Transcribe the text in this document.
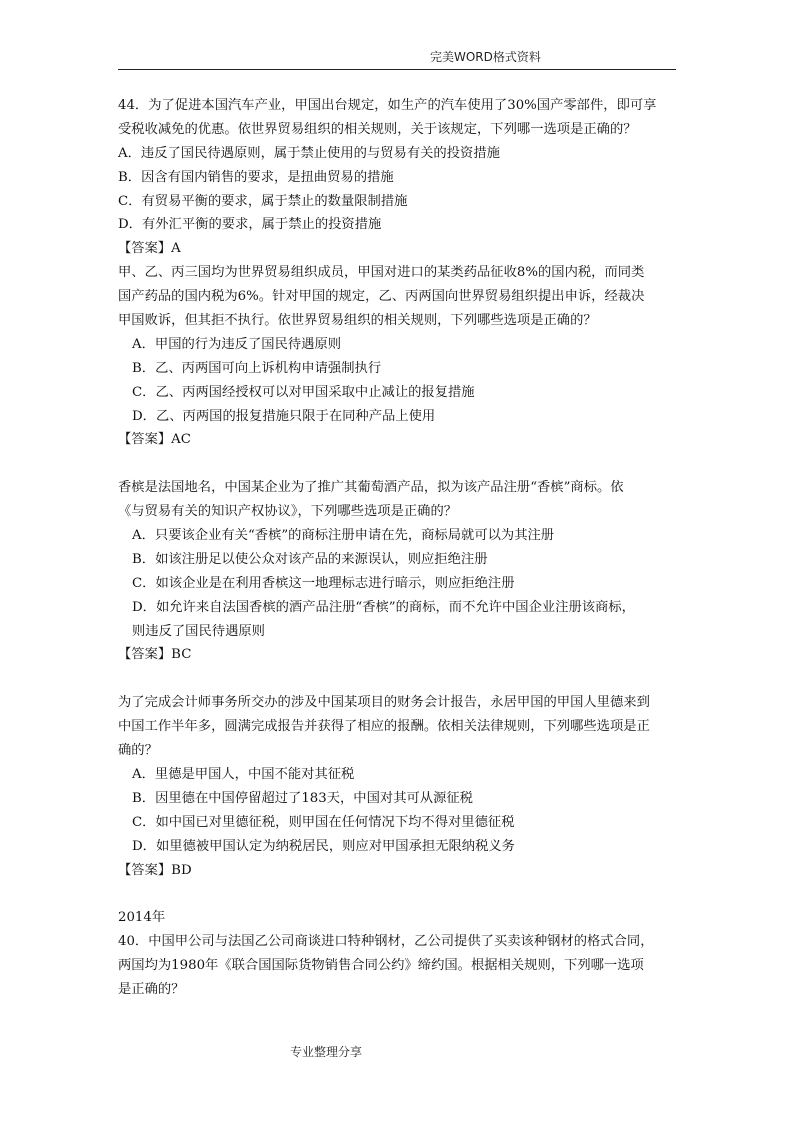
完美WORD格式资料
44．为了促进本国汽车产业，甲国出台规定，如生产的汽车使用了30%国产零部件，即可享
受税收减免的优惠。依世界贸易组织的相关规则，关于该规定，下列哪一选项是正确的？
A．违反了国民待遇原则，属于禁止使用的与贸易有关的投资措施
B．因含有国内销售的要求，是扭曲贸易的措施
C．有贸易平衡的要求，属于禁止的数量限制措施
D．有外汇平衡的要求，属于禁止的投资措施
【答案】A
甲、乙、丙三国均为世界贸易组织成员，甲国对进口的某类药品征收8%的国内税，而同类
国产药品的国内税为6%。针对甲国的规定，乙、丙两国向世界贸易组织提出申诉，经裁决
甲国败诉，但其拒不执行。依世界贸易组织的相关规则，下列哪些选项是正确的？
A．甲国的行为违反了国民待遇原则
B．乙、丙两国可向上诉机构申请强制执行
C．乙、丙两国经授权可以对甲国采取中止减让的报复措施
D．乙、丙两国的报复措施只限于在同种产品上使用
【答案】AC
香槟是法国地名，中国某企业为了推广其葡萄酒产品，拟为该产品注册“香槟”商标。依
《与贸易有关的知识产权协议》，下列哪些选项是正确的？
A．只要该企业有关“香槟”的商标注册申请在先，商标局就可以为其注册
B．如该注册足以使公众对该产品的来源误认，则应拒绝注册
C．如该企业是在利用香槟这一地理标志进行暗示，则应拒绝注册
D．如允许来自法国香槟的酒产品注册“香槟”的商标，而不允许中国企业注册该商标，
则违反了国民待遇原则
【答案】BC
为了完成会计师事务所交办的涉及中国某项目的财务会计报告，永居甲国的甲国人里德来到
中国工作半年多，圆满完成报告并获得了相应的报酬。依相关法律规则，下列哪些选项是正
确的？
A．里德是甲国人，中国不能对其征税
B．因里德在中国停留超过了183天，中国对其可从源征税
C．如中国已对里德征税，则甲国在任何情况下均不得对里德征税
D．如里德被甲国认定为纳税居民，则应对甲国承担无限纳税义务
【答案】BD
2014年
40．中国甲公司与法国乙公司商谈进口特种钢材，乙公司提供了买卖该种钢材的格式合同，
两国均为1980年《联合国国际货物销售合同公约》缔约国。根据相关规则，下列哪一选项
是正确的？
专业整理分享
